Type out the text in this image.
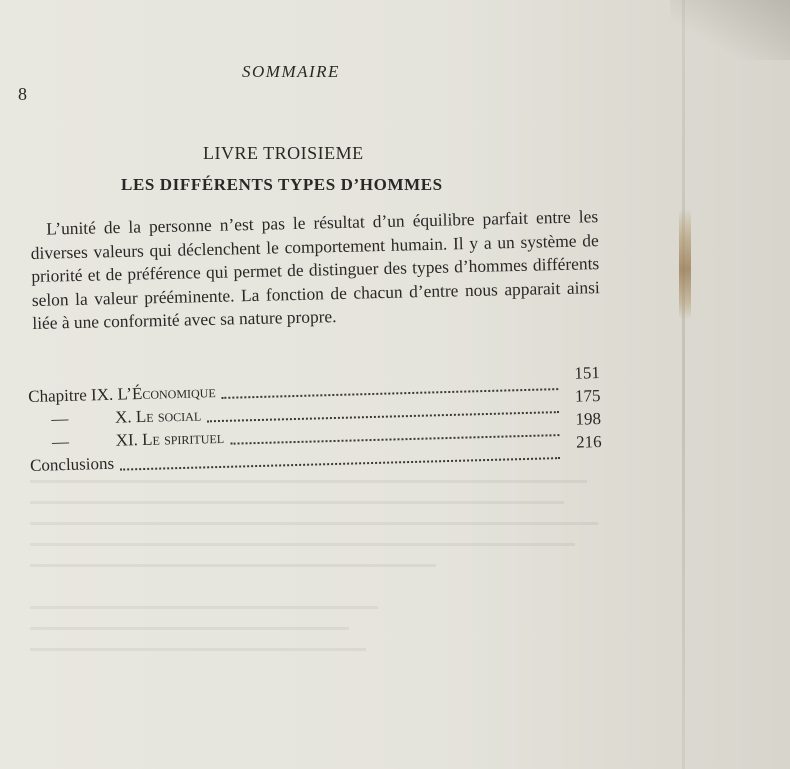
SOMMAIRE
8
LIVRE TROISIEME
LES DIFFÉRENTS TYPES D’HOMMES
L’unité de la personne n’est pas le résultat d’un équilibre parfait entre les diverses valeurs qui déclenchent le comportement humain. Il y a un système de priorité et de préférence qui permet de distinguer des types d’hommes différents selon la valeur prééminente. La fonction de chacun d’entre nous apparait ainsi liée à une conformité avec sa nature propre.
Chapitre IX. L’Économique
151
—	X. Le social
175
—	XI. Le spirituel
198
Conclusions
216
